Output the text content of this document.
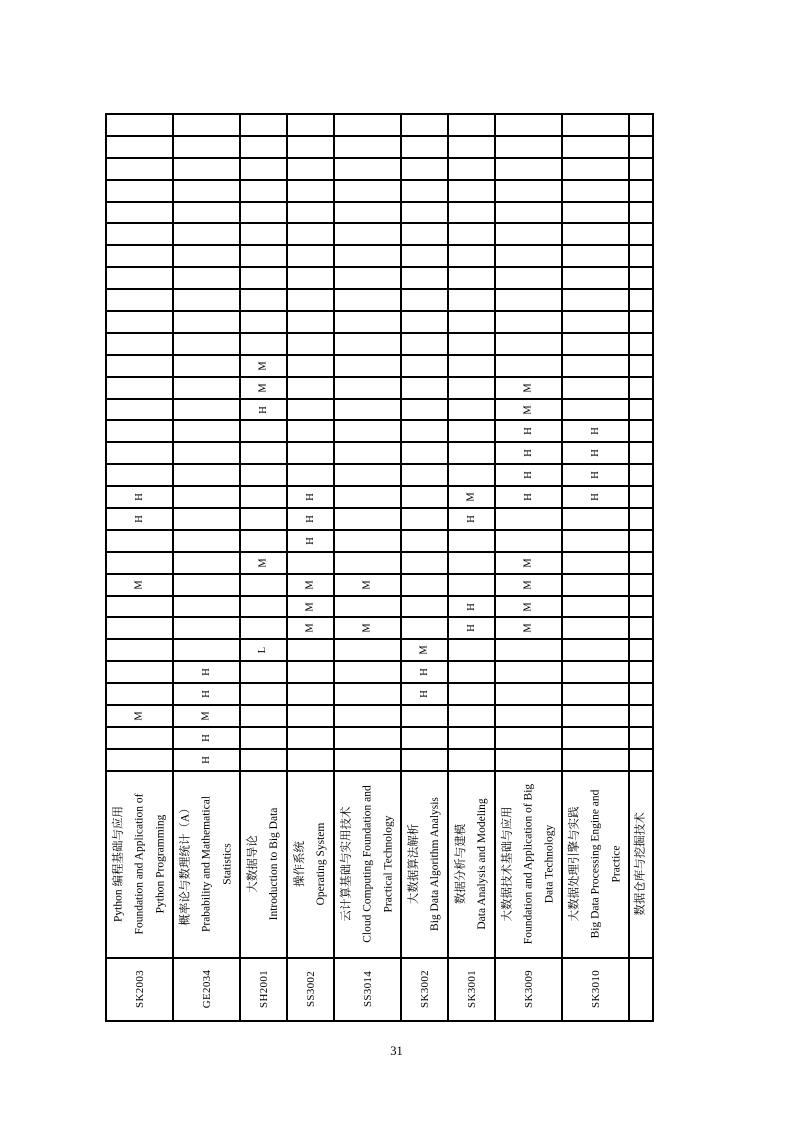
H
H
M
M
Python 编程基础与应用 Foundation and Application of Python Programming
SK2003
H
H
M
H
H
概率论与数理统计（A） Prabability and Mathematical Statistics
GE2034
M
M
H
M
L
大数据导论 Introduction to Big Data
SH2001
H
H
H
M
M
M
操作系统 Operating System
SS3002
M
M
云计算基础与实用技术 Cloud Computing Foundation and Practical Technology
SS3014
M
H
H
大数据算法解析 Big Data Algorithm Analysis
SK3002
M
H
H
H
数据分析与建模 Data Analysis and Modeling
SK3001
M
M
H
H
H
H
M
M
M
M
大数据技术基础与应用 Foundation and Application of Big Data Technology
SK3009
H
H
H
H
大数据处理引擎与实践 Big Data Processing Engine and Practice
SK3010
数据仓库与挖掘技术
31
